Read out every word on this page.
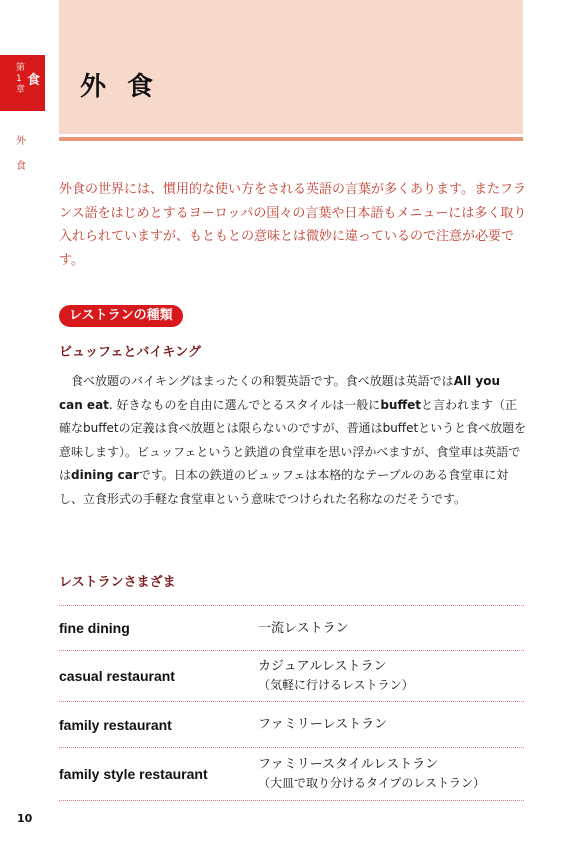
外 食
第
1
章
食
外
食

外食の世界には、慣用的な使い方をされる英語の言葉が多くあります。またフランス語をはじめとするヨーロッパの国々の言葉や日本語もメニューには多く取り入れられていますが、もともとの意味とは微妙に違っているので注意が必要です。

レストランの種類
ビュッフェとバイキング

食べ放題のバイキングはまったくの和製英語です。食べ放題は英語ではAll you can eat. 好きなものを自由に選んでとるスタイルは一般にbuffetと言われます（正確なbuffetの定義は食べ放題とは限らないのですが、普通はbuffetというと食べ放題を意味します）。ビュッフェというと鉄道の食堂車を思い浮かべますが、食堂車は英語ではdining carです。日本の鉄道のビュッフェは本格的なテーブルのある食堂車に対し、立食形式の手軽な食堂車という意味でつけられた名称なのだそうです。

レストランさまざま
fine dining	一流レストラン
casual restaurant
カジュアルレストラン
（気軽に行けるレストラン）
family restaurant	ファミリーレストラン
family style restaurant
ファミリースタイルレストラン
（大皿で取り分けるタイプのレストラン）
10
